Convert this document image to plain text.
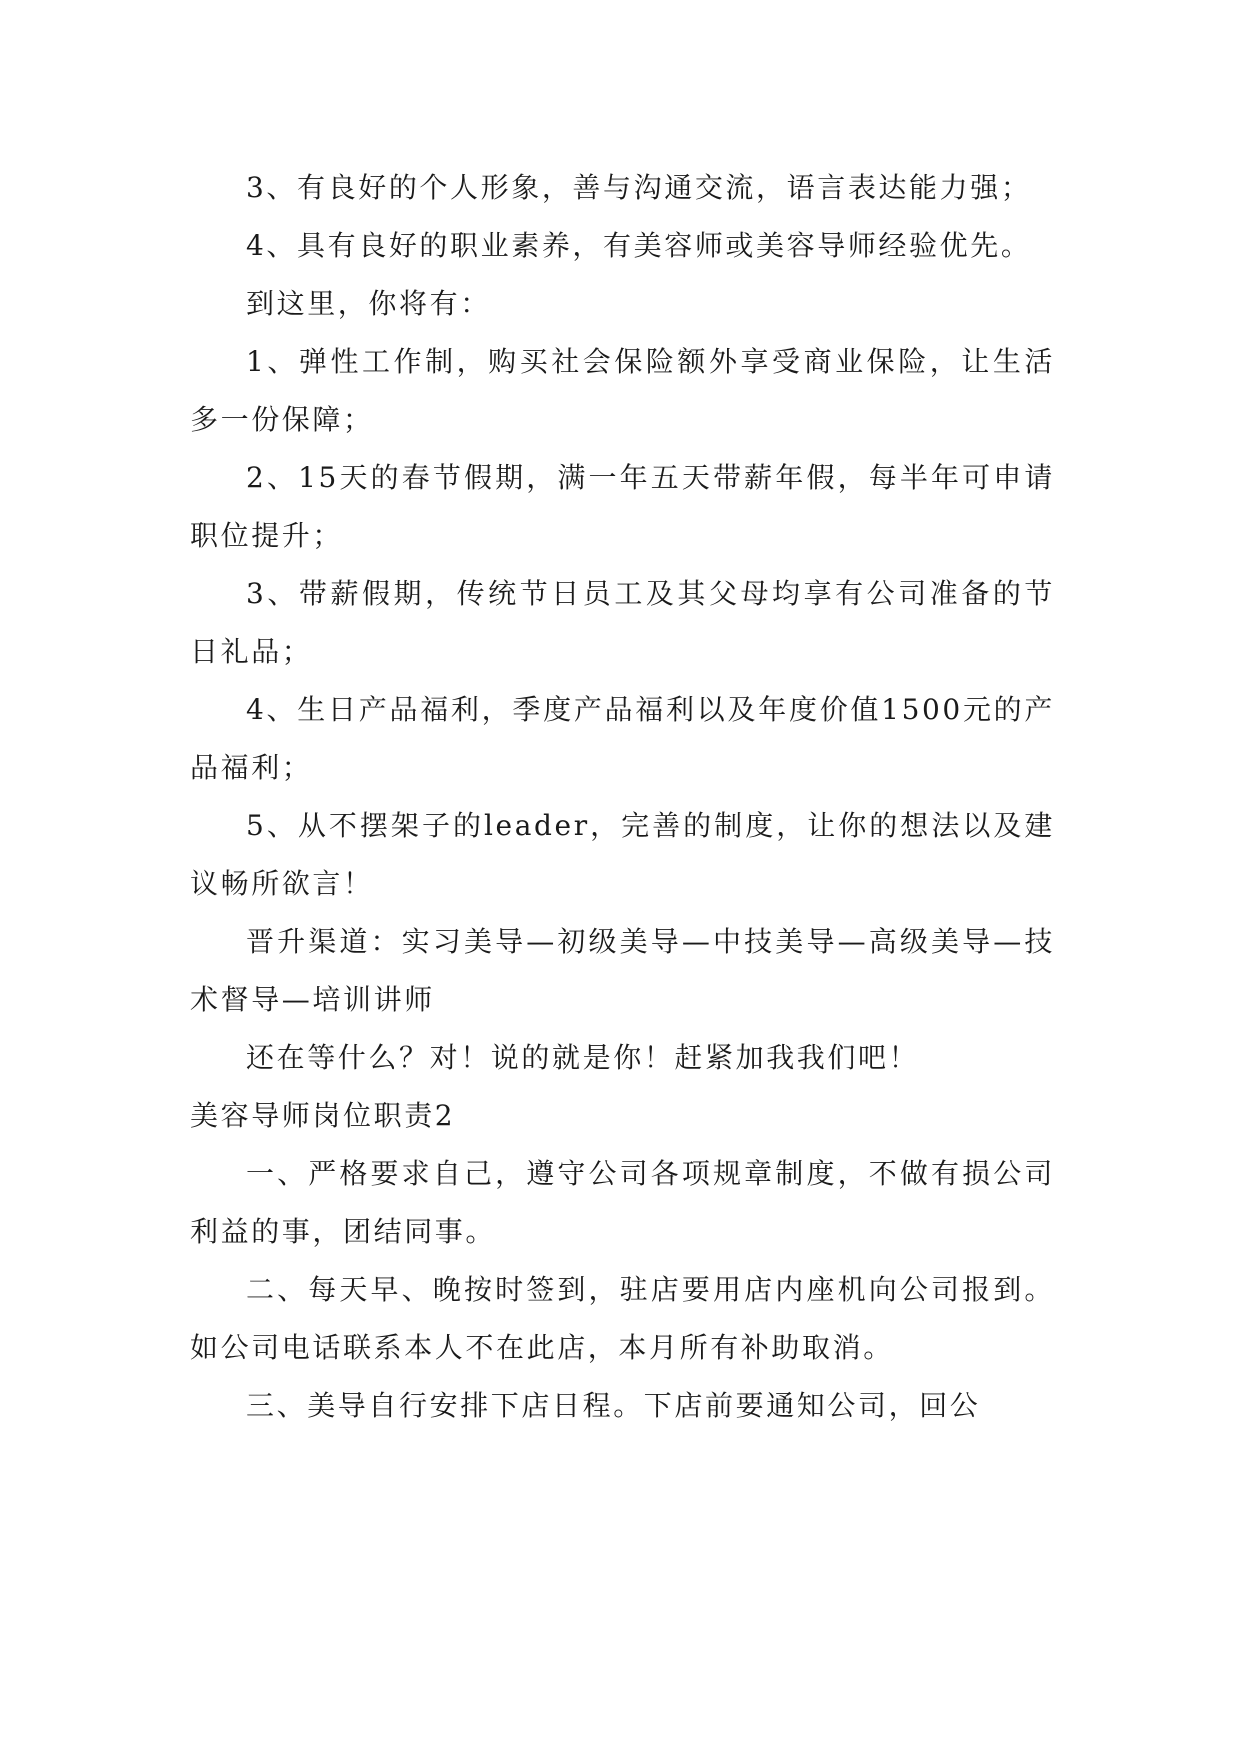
3、有良好的个人形象，善与沟通交流，语言表达能力强；

4、具有良好的职业素养，有美容师或美容导师经验优先。

到这里，你将有：

1、弹性工作制，购买社会保险额外享受商业保险，让生活多一份保障；

2、15天的春节假期，满一年五天带薪年假，每半年可申请职位提升；

3、带薪假期，传统节日员工及其父母均享有公司准备的节日礼品；

4、生日产品福利，季度产品福利以及年度价值1500元的产品福利；

5、从不摆架子的leader，完善的制度，让你的想法以及建议畅所欲言！

晋升渠道：实习美导—初级美导—中技美导—高级美导—技术督导—培训讲师

还在等什么？对！说的就是你！赶紧加我我们吧！

美容导师岗位职责2

一、严格要求自己，遵守公司各项规章制度，不做有损公司利益的事，团结同事。

二、每天早、晚按时签到，驻店要用店内座机向公司报到。如公司电话联系本人不在此店，本月所有补助取消。

三、美导自行安排下店日程。下店前要通知公司，回公
